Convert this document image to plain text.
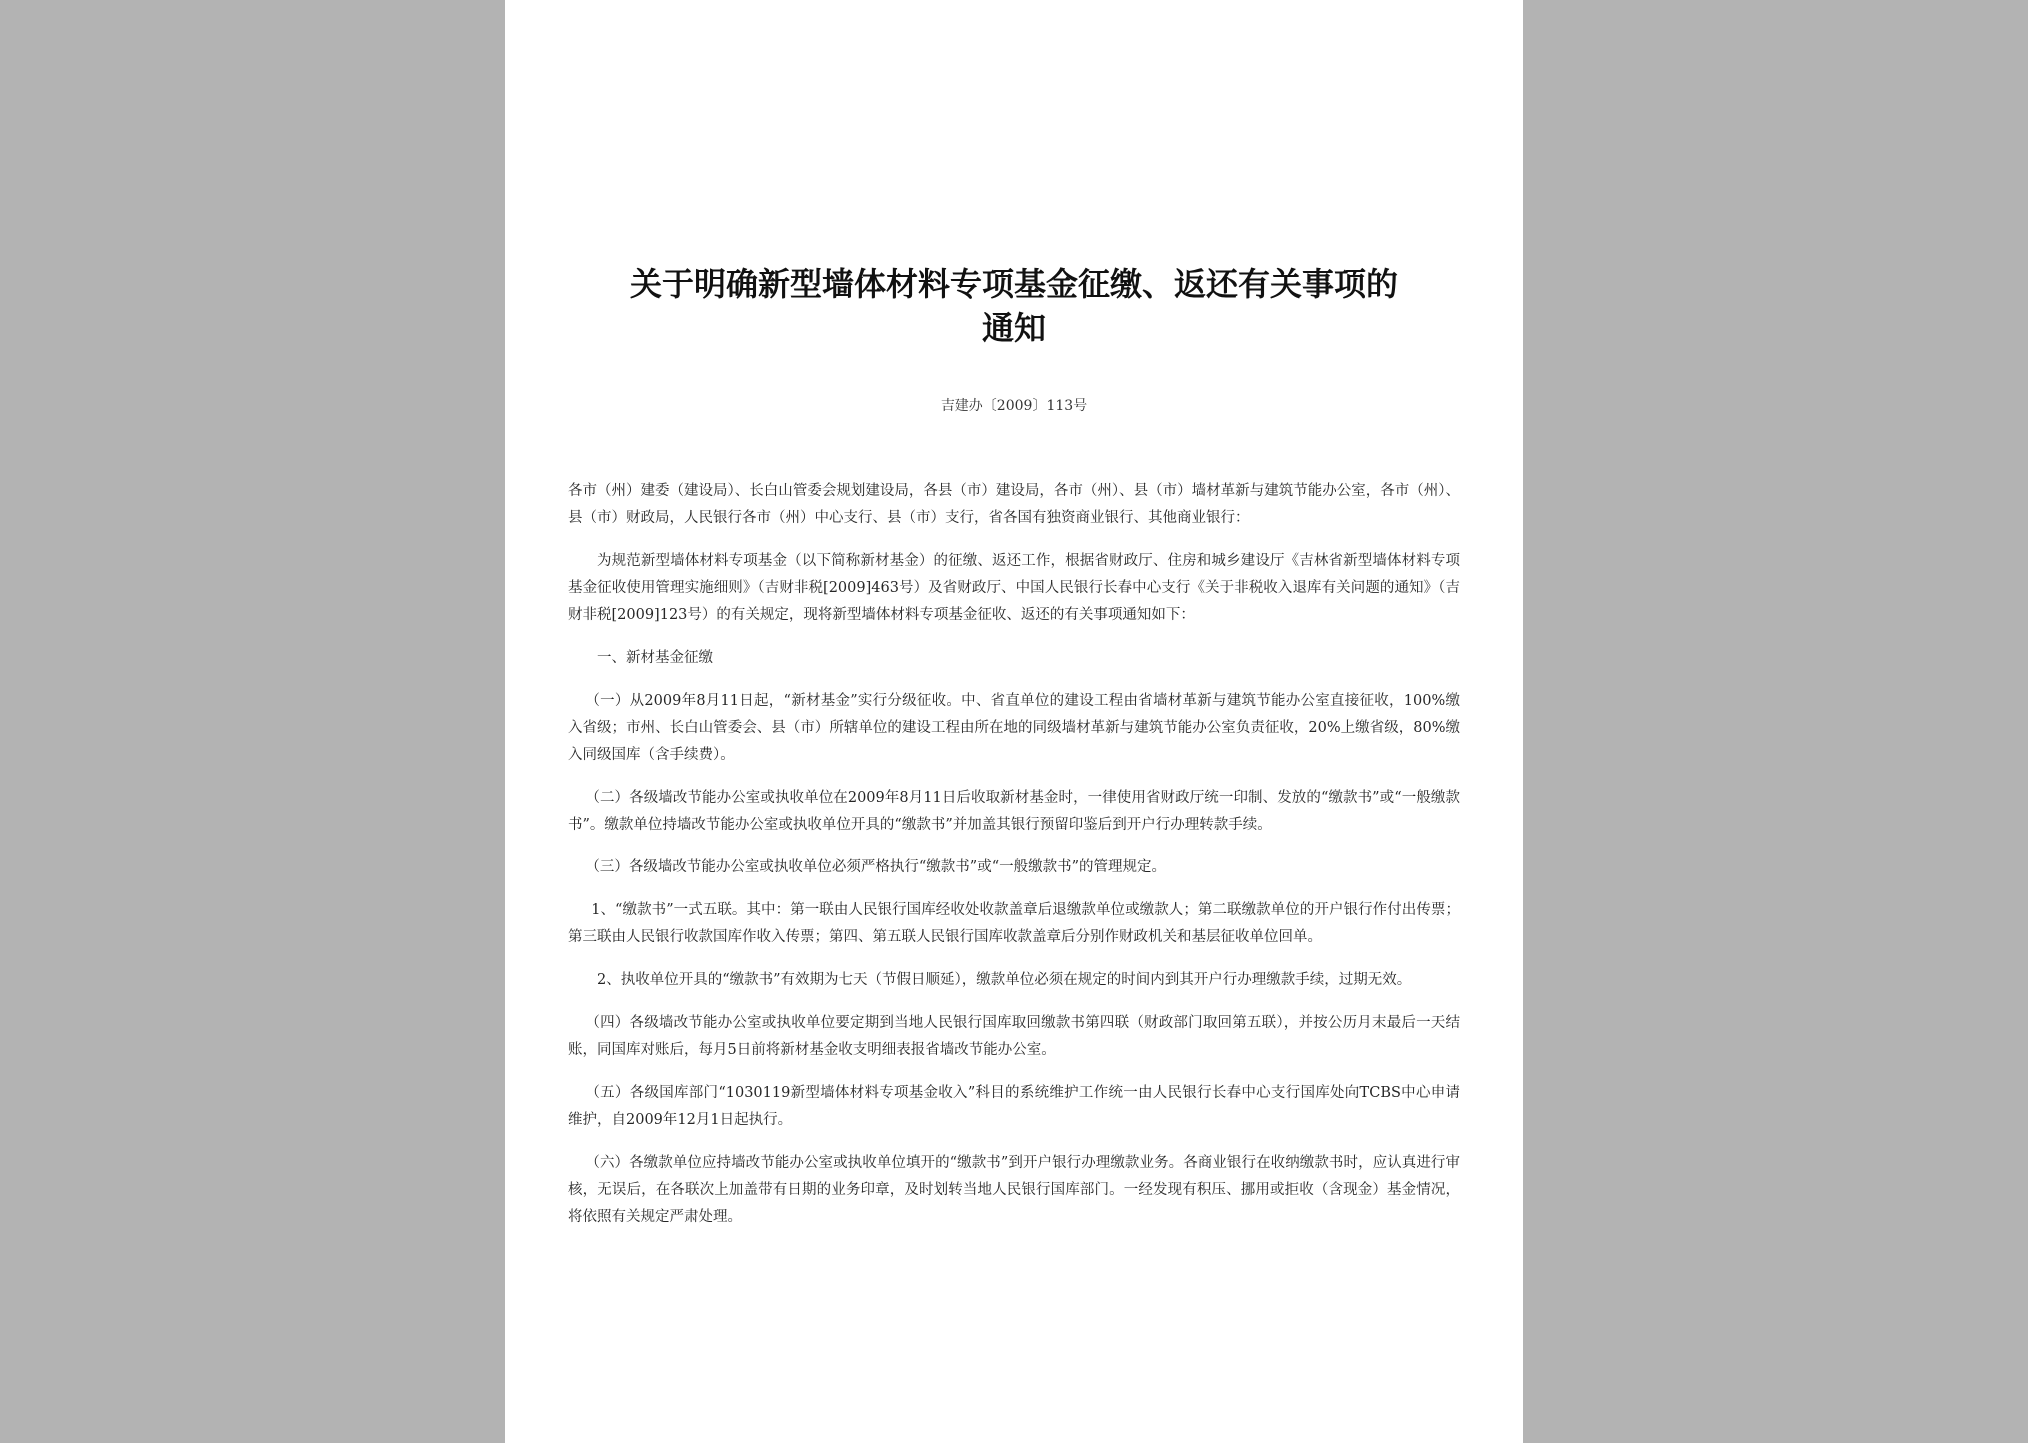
关于明确新型墙体材料专项基金征缴、返还有关事项的
通知
吉建办〔2009〕113号

各市（州）建委（建设局）、长白山管委会规划建设局，各县（市）建设局，各市（州）、县（市）墙材革新与建筑节能办公室，各市（州）、县（市）财政局，人民银行各市（州）中心支行、县（市）支行，省各国有独资商业银行、其他商业银行：

为规范新型墙体材料专项基金（以下简称新材基金）的征缴、返还工作，根据省财政厅、住房和城乡建设厅《吉林省新型墙体材料专项基金征收使用管理实施细则》（吉财非税[2009]463号）及省财政厅、中国人民银行长春中心支行《关于非税收入退库有关问题的通知》（吉财非税[2009]123号）的有关规定，现将新型墙体材料专项基金征收、返还的有关事项通知如下：

一、新材基金征缴

（一）从2009年8月11日起，“新材基金”实行分级征收。中、省直单位的建设工程由省墙材革新与建筑节能办公室直接征收，100%缴入省级；市州、长白山管委会、县（市）所辖单位的建设工程由所在地的同级墙材革新与建筑节能办公室负责征收，20%上缴省级，80%缴入同级国库（含手续费）。

（二）各级墙改节能办公室或执收单位在2009年8月11日后收取新材基金时，一律使用省财政厅统一印制、发放的“缴款书”或“一般缴款书”。缴款单位持墙改节能办公室或执收单位开具的“缴款书”并加盖其银行预留印鉴后到开户行办理转款手续。

（三）各级墙改节能办公室或执收单位必须严格执行“缴款书”或“一般缴款书”的管理规定。

1、“缴款书”一式五联。其中：第一联由人民银行国库经收处收款盖章后退缴款单位或缴款人；第二联缴款单位的开户银行作付出传票；第三联由人民银行收款国库作收入传票；第四、第五联人民银行国库收款盖章后分别作财政机关和基层征收单位回单。

2、执收单位开具的“缴款书”有效期为七天（节假日顺延），缴款单位必须在规定的时间内到其开户行办理缴款手续，过期无效。

（四）各级墙改节能办公室或执收单位要定期到当地人民银行国库取回缴款书第四联（财政部门取回第五联），并按公历月末最后一天结账，同国库对账后，每月5日前将新材基金收支明细表报省墙改节能办公室。

（五）各级国库部门“1030119新型墙体材料专项基金收入”科目的系统维护工作统一由人民银行长春中心支行国库处向TCBS中心申请维护，自2009年12月1日起执行。

（六）各缴款单位应持墙改节能办公室或执收单位填开的“缴款书”到开户银行办理缴款业务。各商业银行在收纳缴款书时，应认真进行审核，无误后，在各联次上加盖带有日期的业务印章，及时划转当地人民银行国库部门。一经发现有积压、挪用或拒收（含现金）基金情况，将依照有关规定严肃处理。
